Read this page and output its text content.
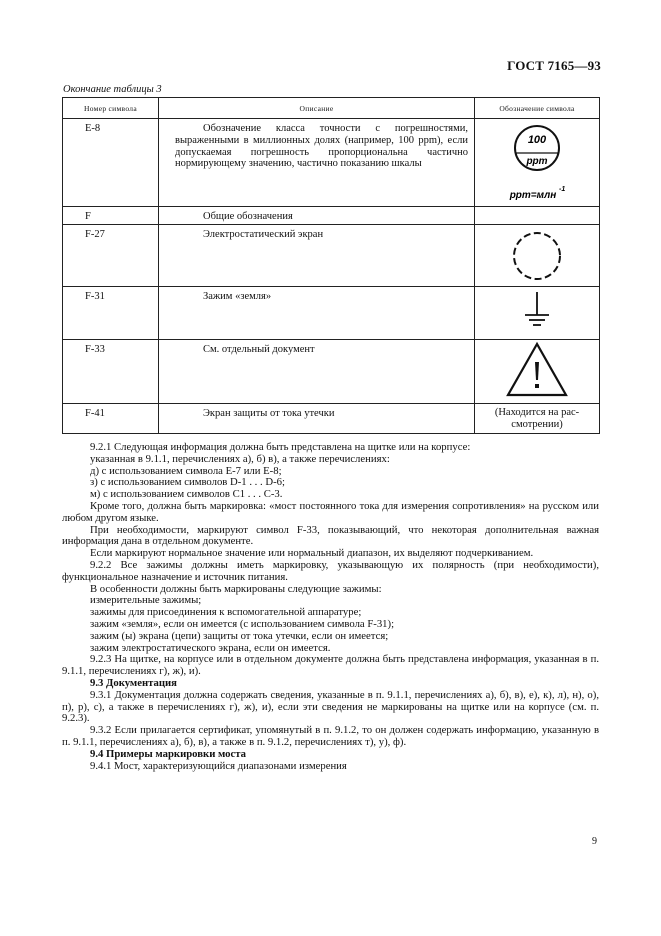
ГОСТ 7165—93
Окончание таблицы 3
Номер символа	Описание	Обозначение символа
Е-8	Обозначение класса точности с погрешностями, выраженными в миллионных долях (например, 100 ppm), если допускаемая погрешность пропорциональна частично нормирующему значению, частично показанию шкалы	100
ppm
ppm=млн
-1

F	Общие обозначения	

F-27	Электростатический экран

F-31	Зажим «земля»

F-33	См. отдельный документ

F-41	Экран защиты от тока утечки	(Находится на рас-
смотрении)

9.2.1 Следующая информация должна быть представлена на щитке или на корпусе:

указанная в 9.1.1, перечислениях а), б) в), а также перечислениях:

д) с использованием символа Е-7 или Е-8;

з) с использованием символов D-1 . . . D-6;

м) с использованием символов С1 . . . С-3.

Кроме того, должна быть маркировка: «мост постоянного тока для измерения сопротивления» на русском или любом другом языке.

При необходимости, маркируют символ F-33, показывающий, что некоторая дополнительная важная информация дана в отдельном документе.

Если маркируют нормальное значение или нормальный диапазон, их выделяют подчеркиванием.

9.2.2 Все зажимы должны иметь маркировку, указывающую их полярность (при необходимости), функциональное назначение и источник питания.

В особенности должны быть маркированы следующие зажимы:

измерительные зажимы;

зажимы для присоединения к вспомогательной аппаратуре;

зажим «земля», если он имеется (с использованием символа F-31);

зажим (ы) экрана (цепи) защиты от тока утечки, если он имеется;

зажим электростатического экрана, если он имеется.

9.2.3 На щитке, на корпусе или в отдельном документе должна быть представлена информация, указанная в п. 9.1.1, перечислениях г), ж), и).

9.3 Документация

9.3.1 Документация должна содержать сведения, указанные в п. 9.1.1, перечислениях а), б), в), е), к), л), н), о), п), р), с), а также в перечислениях г), ж), и), если эти сведения не маркированы на щитке или на корпусе (см. п. 9.2.3).

9.3.2 Если прилагается сертификат, упомянутый в п. 9.1.2, то он должен содержать информацию, указанную в п. 9.1.1, перечислениях а), б), в), а также в п. 9.1.2, перечислениях т), у), ф).

9.4 Примеры маркировки моста

9.4.1 Мост, характеризующийся диапазонами измерения

9
